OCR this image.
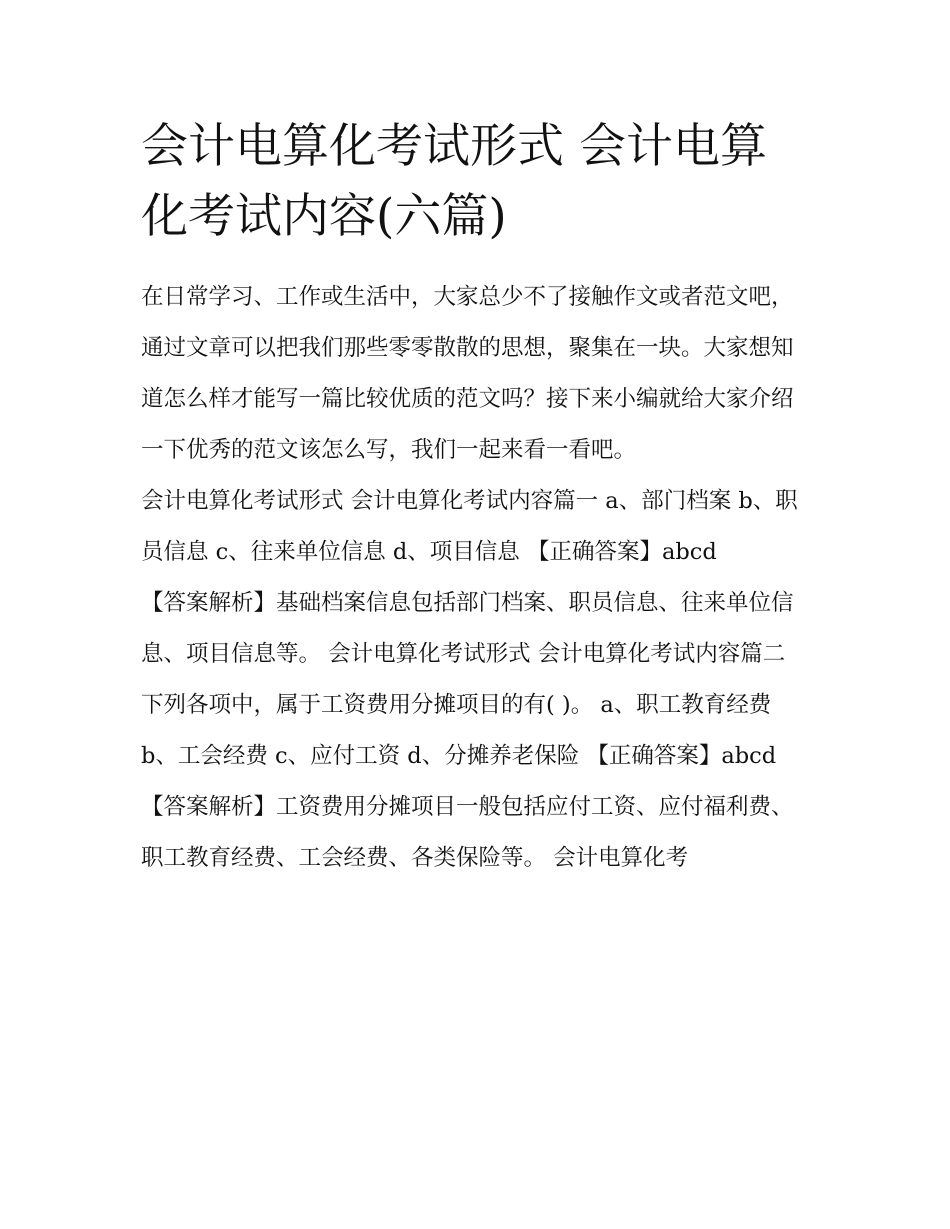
会计电算化考试形式 会计电算化考试内容(六篇)

在日常学习、工作或生活中，大家总少不了接触作文或者范文吧，通过文章可以把我们那些零零散散的思想，聚集在一块。大家想知道怎么样才能写一篇比较优质的范文吗？接下来小编就给大家介绍一下优秀的范文该怎么写，我们一起来看一看吧。

会计电算化考试形式 会计电算化考试内容篇一 a、部门档案 b、职员信息 c、往来单位信息 d、项目信息 【正确答案】abcd

【答案解析】基础档案信息包括部门档案、职员信息、往来单位信息、项目信息等。 会计电算化考试形式 会计电算化考试内容篇二

下列各项中，属于工资费用分摊项目的有( )。 a、职工教育经费 b、工会经费 c、应付工资 d、分摊养老保险 【正确答案】abcd

【答案解析】工资费用分摊项目一般包括应付工资、应付福利费、职工教育经费、工会经费、各类保险等。 会计电算化考
